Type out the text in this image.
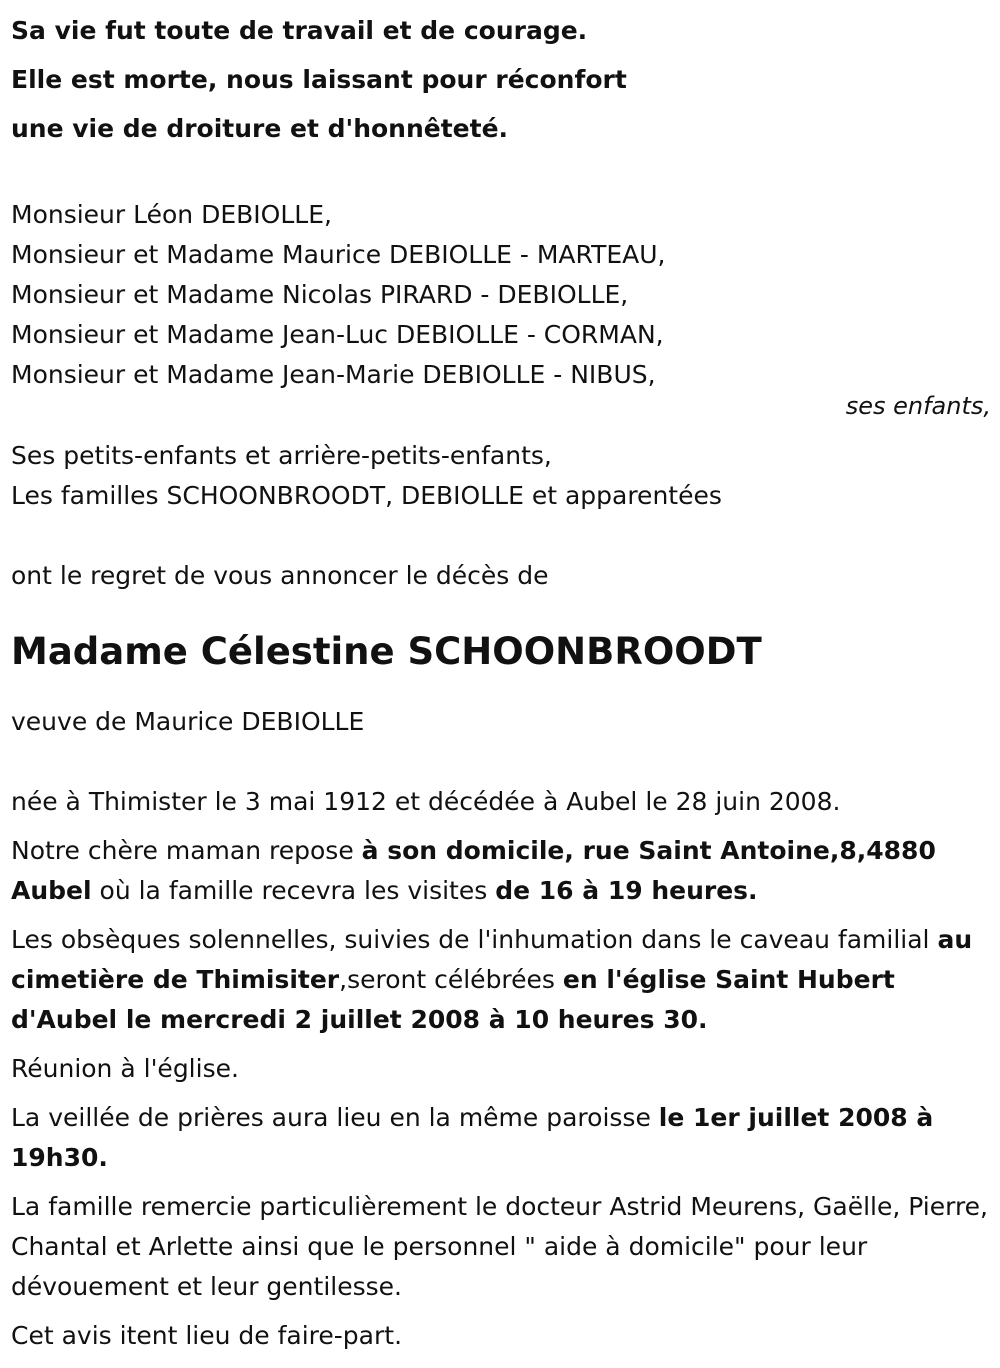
Sa vie fut toute de travail et de courage.
Elle est morte, nous laissant pour réconfort
une vie de droiture et d'honnêteté.
Monsieur Léon DEBIOLLE,
Monsieur et Madame Maurice DEBIOLLE - MARTEAU,
Monsieur et Madame Nicolas PIRARD - DEBIOLLE,
Monsieur et Madame Jean-Luc DEBIOLLE - CORMAN,
Monsieur et Madame Jean-Marie DEBIOLLE - NIBUS,
ses enfants,
Ses petits-enfants et arrière-petits-enfants,
Les familles SCHOONBROODT, DEBIOLLE et apparentées
ont le regret de vous annoncer le décès de
Madame Célestine SCHOONBROODT
veuve de Maurice DEBIOLLE
née à Thimister le 3 mai 1912 et décédée à Aubel le 28 juin 2008.
Notre chère maman repose à son domicile, rue Saint Antoine,8,4880 Aubel où la famille recevra les visites de 16 à 19 heures.
Les obsèques solennelles, suivies de l'inhumation dans le caveau familial au cimetière de Thimisiter,seront célébrées en l'église Saint Hubert d'Aubel le mercredi 2 juillet 2008 à 10 heures 30.
Réunion à l'église.
La veillée de prières aura lieu en la même paroisse le 1er juillet 2008 à 19h30.
La famille remercie particulièrement le docteur Astrid Meurens, Gaëlle, Pierre, Chantal et Arlette ainsi que le personnel " aide à domicile" pour leur dévouement et leur gentilesse.
Cet avis itent lieu de faire-part.
